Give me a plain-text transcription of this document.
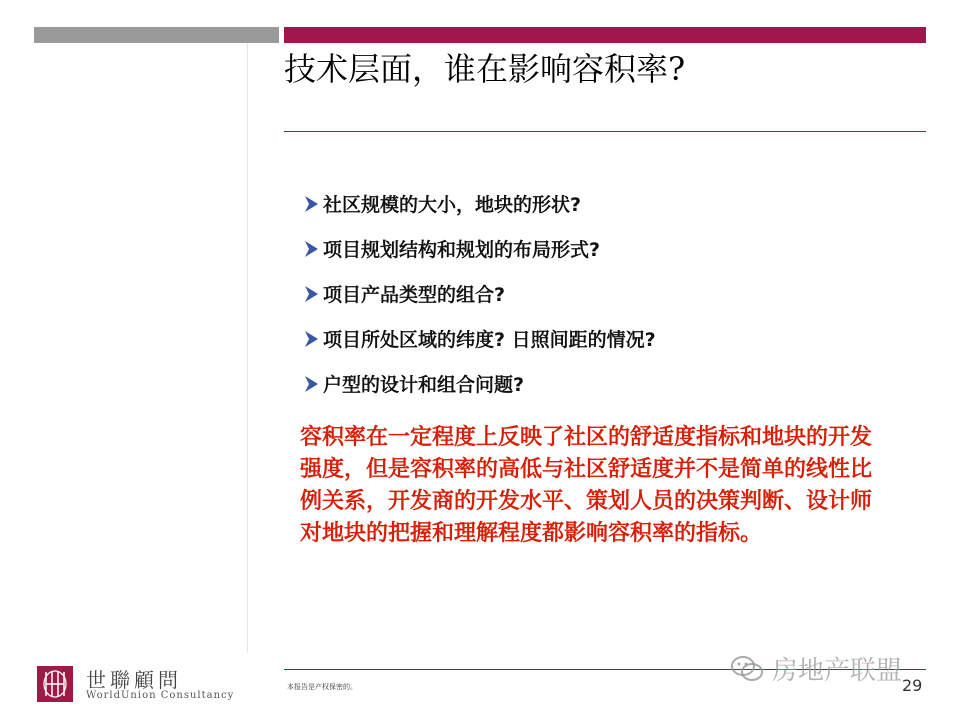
技术层面，谁在影响容积率?
社区规模的大小，地块的形状?
项目规划结构和规划的布局形式?
项目产品类型的组合?
项目所处区域的纬度? 日照间距的情况?
户型的设计和组合问题?
容积率在一定程度上反映了社区的舒适度指标和地块的开发
强度，但是容积率的高低与社区舒适度并不是简单的线性比
例关系，开发商的开发水平、策划人员的决策判断、设计师
对地块的把握和理解程度都影响容积率的指标。
本报告是产权保密的。
世聯顧問
WorldUnion Consultancy
房地产联盟 29
